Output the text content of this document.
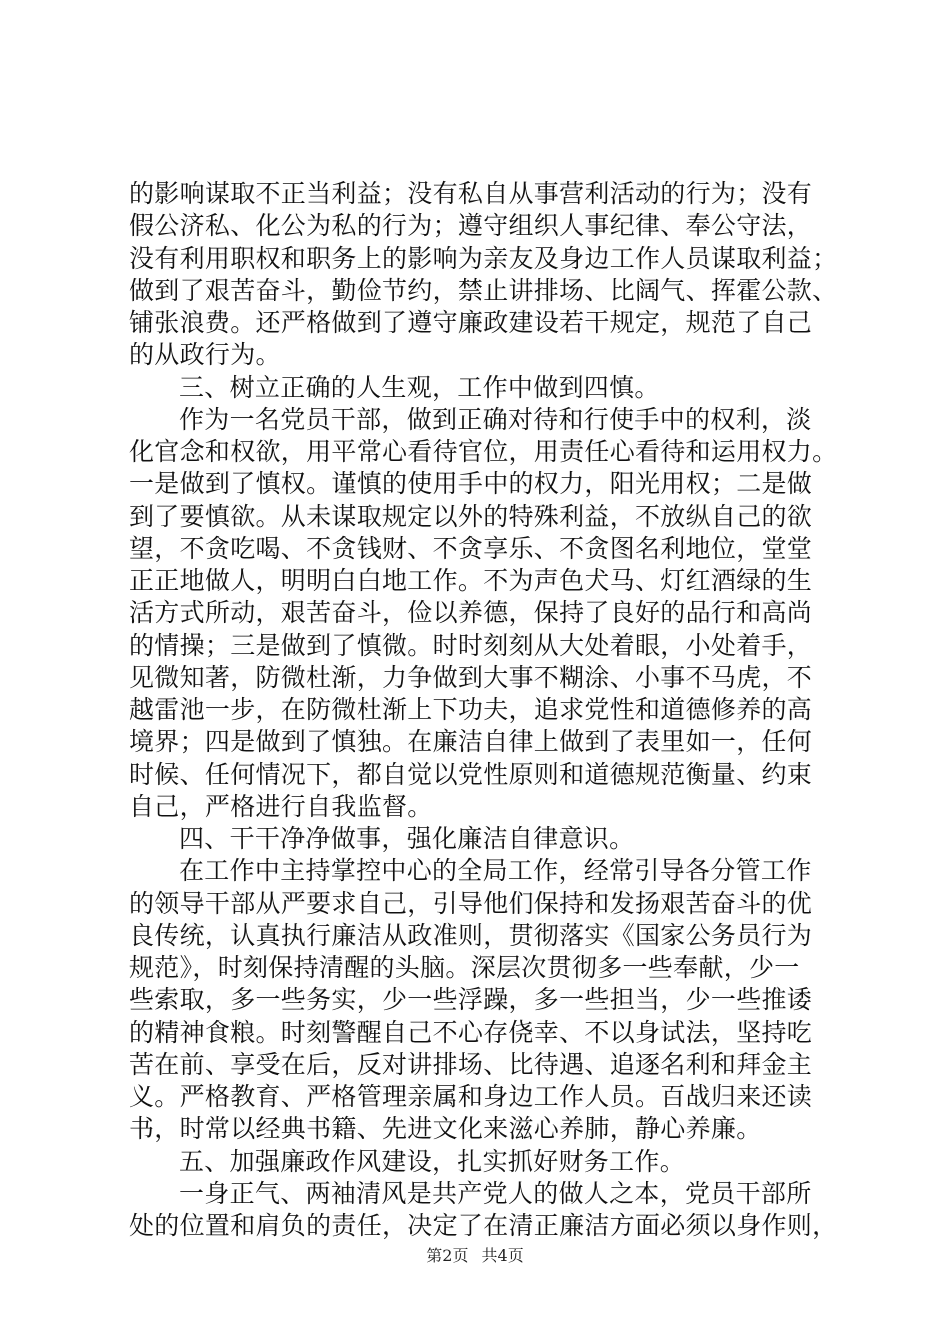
的影响谋取不正当利益；没有私自从事营利活动的行为；没有
假公济私、化公为私的行为；遵守组织人事纪律、奉公守法，
没有利用职权和职务上的影响为亲友及身边工作人员谋取利益；
做到了艰苦奋斗，勤俭节约，禁止讲排场、比阔气、挥霍公款、
铺张浪费。还严格做到了遵守廉政建设若干规定，规范了自己
的从政行为。
三、树立正确的人生观，工作中做到四慎。
作为一名党员干部，做到正确对待和行使手中的权利，淡
化官念和权欲，用平常心看待官位，用责任心看待和运用权力。
一是做到了慎权。谨慎的使用手中的权力，阳光用权；二是做
到了要慎欲。从未谋取规定以外的特殊利益，不放纵自己的欲
望，不贪吃喝、不贪钱财、不贪享乐、不贪图名利地位，堂堂
正正地做人，明明白白地工作。不为声色犬马、灯红酒绿的生
活方式所动，艰苦奋斗，俭以养德，保持了良好的品行和高尚
的情操；三是做到了慎微。时时刻刻从大处着眼，小处着手，
见微知著，防微杜渐，力争做到大事不糊涂、小事不马虎，不
越雷池一步，在防微杜渐上下功夫，追求党性和道德修养的高
境界；四是做到了慎独。在廉洁自律上做到了表里如一，任何
时候、任何情况下，都自觉以党性原则和道德规范衡量、约束
自己，严格进行自我监督。
四、干干净净做事，强化廉洁自律意识。
在工作中主持掌控中心的全局工作，经常引导各分管工作
的领导干部从严要求自己，引导他们保持和发扬艰苦奋斗的优
良传统，认真执行廉洁从政准则，贯彻落实《国家公务员行为
规范》，时刻保持清醒的头脑。深层次贯彻多一些奉献，少一
些索取，多一些务实，少一些浮躁，多一些担当，少一些推诿
的精神食粮。时刻警醒自己不心存侥幸、不以身试法，坚持吃
苦在前、享受在后，反对讲排场、比待遇、追逐名利和拜金主
义。严格教育、严格管理亲属和身边工作人员。百战归来还读
书，时常以经典书籍、先进文化来滋心养肺，静心养廉。
五、加强廉政作风建设，扎实抓好财务工作。
一身正气、两袖清风是共产党人的做人之本，党员干部所
处的位置和肩负的责任，决定了在清正廉洁方面必须以身作则，
第2页 共4页
